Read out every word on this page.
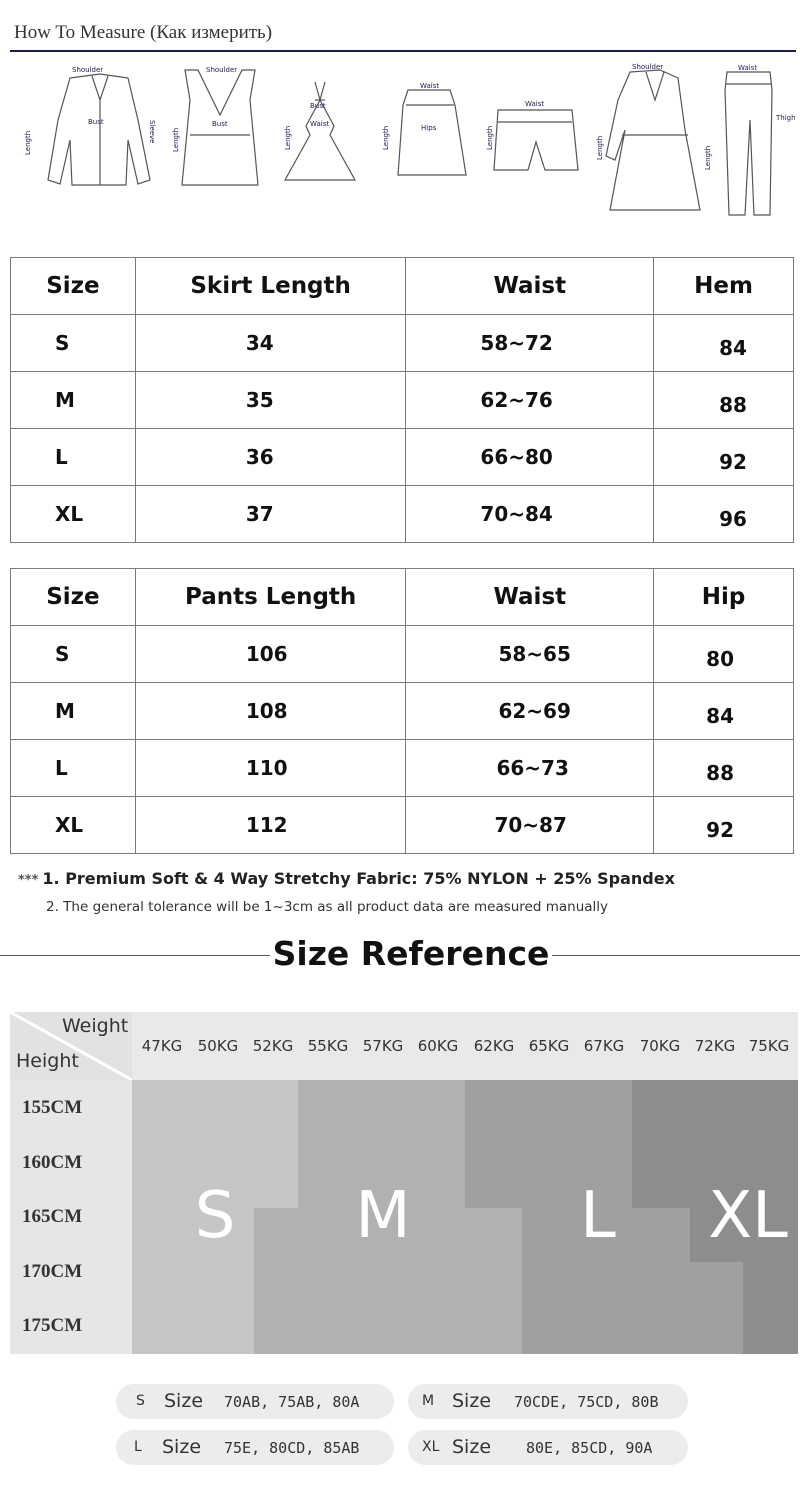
How To Measure (Как измерить)
Shoulder
Bust
Length	Sleeve
Shoulder
Bust
Length
Bust
Waist
Length
Waist
Hips
Length
Waist
Length
Shoulder
Length
Waist
Thigh
Length
Size	Skirt Length	Waist	Hem
S	34	58~72	84
M	35	62~76	88
L	36	66~80	92
XL	37	70~84	96
Size	Pants Length	Waist	Hip
S	106	58~65	80
M	108	62~69	84
L	110	66~73	88
XL	112	70~87	92
*** 1. Premium Soft & 4 Way Stretchy Fabric: 75% NYLON + 25% Spandex
2. The general tolerance will be 1~3cm as all product data are measured manually
Size Reference
Weight
Height
47KG 50KG 52KG 55KG 57KG 60KG 62KG 65KG 67KG 70KG 72KG 75KG
155CM
160CM
165CM
170CM
175CM
S M	L XL
S Size 70AB, 75AB, 80A	M Size 70CDE, 75CD, 80B
L Size 75E, 80CD, 85AB	XL Size 80E, 85CD, 90A
